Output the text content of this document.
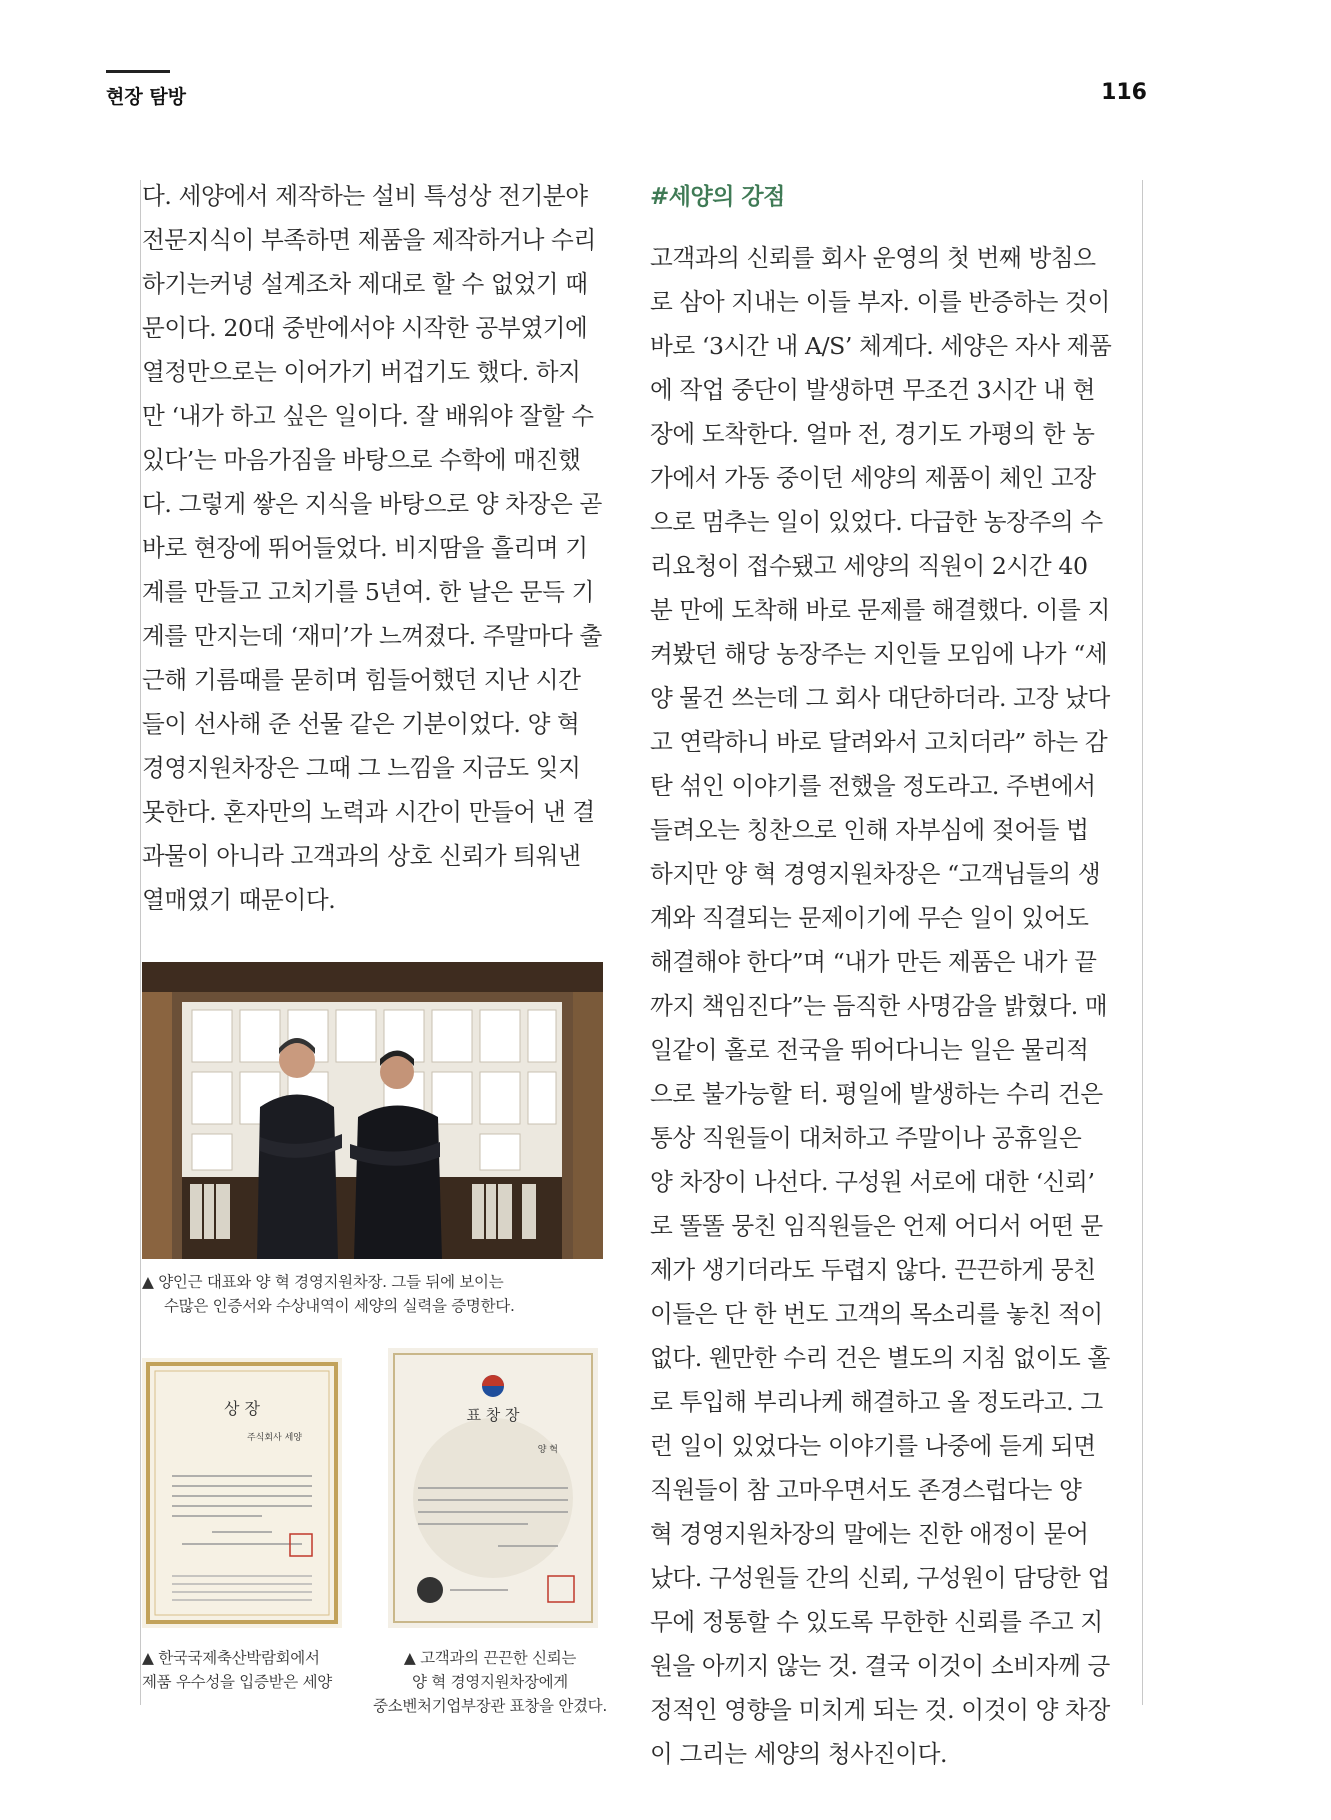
현장 탐방	116

다. 세양에서 제작하는 설비 특성상 전기분야

전문지식이 부족하면 제품을 제작하거나 수리

하기는커녕 설계조차 제대로 할 수 없었기 때

문이다. 20대 중반에서야 시작한 공부였기에

열정만으로는 이어가기 버겁기도 했다. 하지

만 ‘내가 하고 싶은 일이다. 잘 배워야 잘할 수

있다’는 마음가짐을 바탕으로 수학에 매진했

다. 그렇게 쌓은 지식을 바탕으로 양 차장은 곧

바로 현장에 뛰어들었다. 비지땀을 흘리며 기

계를 만들고 고치기를 5년여. 한 날은 문득 기

계를 만지는데 ‘재미’가 느껴졌다. 주말마다 출

근해 기름때를 묻히며 힘들어했던 지난 시간

들이 선사해 준 선물 같은 기분이었다. 양 혁

경영지원차장은 그때 그 느낌을 지금도 잊지

못한다. 혼자만의 노력과 시간이 만들어 낸 결

과물이 아니라 고객과의 상호 신뢰가 틔워낸

열매였기 때문이다.

▲ 양인근 대표와 양 혁 경영지원차장. 그들 뒤에 보이는

수많은 인증서와 수상내역이 세양의 실력을 증명한다.

상 장
주식회사 세양

▲ 한국국제축산박람회에서

제품 우수성을 입증받은 세양

표 창 장
양 혁

▲ 고객과의 끈끈한 신뢰는

양 혁 경영지원차장에게

중소벤처기업부장관 표창을 안겼다.

#세양의 강점

고객과의 신뢰를 회사 운영의 첫 번째 방침으

로 삼아 지내는 이들 부자. 이를 반증하는 것이

바로 ‘3시간 내 A/S’ 체계다. 세양은 자사 제품

에 작업 중단이 발생하면 무조건 3시간 내 현

장에 도착한다. 얼마 전, 경기도 가평의 한 농

가에서 가동 중이던 세양의 제품이 체인 고장

으로 멈추는 일이 있었다. 다급한 농장주의 수

리요청이 접수됐고 세양의 직원이 2시간 40

분 만에 도착해 바로 문제를 해결했다. 이를 지

켜봤던 해당 농장주는 지인들 모임에 나가 “세

양 물건 쓰는데 그 회사 대단하더라. 고장 났다

고 연락하니 바로 달려와서 고치더라” 하는 감

탄 섞인 이야기를 전했을 정도라고. 주변에서

들려오는 칭찬으로 인해 자부심에 젖어들 법

하지만 양 혁 경영지원차장은 “고객님들의 생

계와 직결되는 문제이기에 무슨 일이 있어도

해결해야 한다”며 “내가 만든 제품은 내가 끝

까지 책임진다”는 듬직한 사명감을 밝혔다. 매

일같이 홀로 전국을 뛰어다니는 일은 물리적

으로 불가능할 터. 평일에 발생하는 수리 건은

통상 직원들이 대처하고 주말이나 공휴일은

양 차장이 나선다. 구성원 서로에 대한 ‘신뢰’

로 똘똘 뭉친 임직원들은 언제 어디서 어떤 문

제가 생기더라도 두렵지 않다. 끈끈하게 뭉친

이들은 단 한 번도 고객의 목소리를 놓친 적이

없다. 웬만한 수리 건은 별도의 지침 없이도 홀

로 투입해 부리나케 해결하고 올 정도라고. 그

런 일이 있었다는 이야기를 나중에 듣게 되면

직원들이 참 고마우면서도 존경스럽다는 양

혁 경영지원차장의 말에는 진한 애정이 묻어

났다. 구성원들 간의 신뢰, 구성원이 담당한 업

무에 정통할 수 있도록 무한한 신뢰를 주고 지

원을 아끼지 않는 것. 결국 이것이 소비자께 긍

정적인 영향을 미치게 되는 것. 이것이 양 차장

이 그리는 세양의 청사진이다.
